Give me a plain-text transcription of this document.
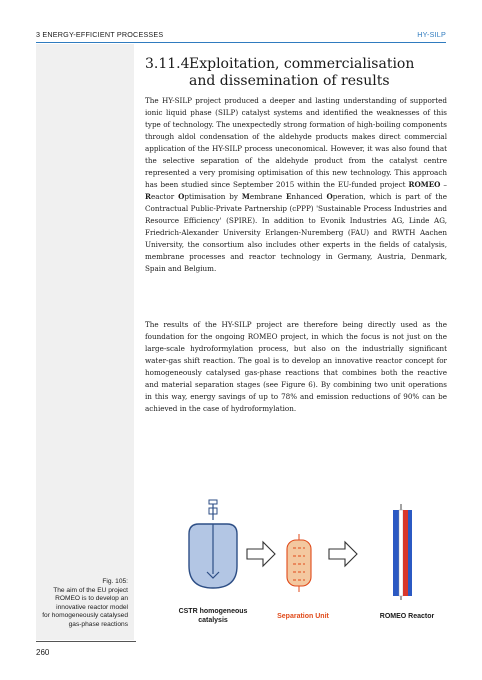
3 ENERGY-EFFICIENT PROCESSES	HY-SILP
3.11.4Exploitation, commercialisation
and dissemination of results

The HY-SILP project produced a deeper and lasting understanding of supported ionic liquid phase (SILP) catalyst systems and identified the weaknesses of this type of technology. The unexpectedly strong formation of high-boiling components through aldol condensation of the aldehyde products makes direct commercial application of the HY-SILP process uneconomical. However, it was also found that the selective separation of the aldehyde product from the catalyst centre represented a very promising optimisation of this new technology. This approach has been studied since September 2015 within the EU-funded project ROMEO – Reactor Optimisation by Membrane Enhanced Operation, which is part of the Contractual Public-Private Partnership (cPPP) 'Sustainable Process Industries and Resource Efficiency' (SPIRE). In addition to Evonik Industries AG, Linde AG, Friedrich-Alexander University Erlangen-Nuremberg (FAU) and RWTH Aachen University, the consortium also includes other experts in the fields of catalysis, membrane processes and reactor technology in Germany, Austria, Denmark, Spain and Belgium.

The results of the HY-SILP project are therefore being directly used as the foundation for the ongoing ROMEO project, in which the focus is not just on the large-scale hydroformylation process, but also on the industrially significant water-gas shift reaction. The goal is to develop an innovative reactor concept for homogeneously catalysed gas-phase reactions that combines both the reactive and material separation stages (see Figure 6). By combining two unit operations in this way, energy savings of up to 78% and emission reductions of 90% can be achieved in the case of hydroformylation.

CSTR homogeneous
catalysis
Separation Unit	ROMEO Reactor
Fig. 105:
The aim of the EU project
ROMEO is to develop an
innovative reactor model
for homogeneously catalysed
gas-phase reactions
260
